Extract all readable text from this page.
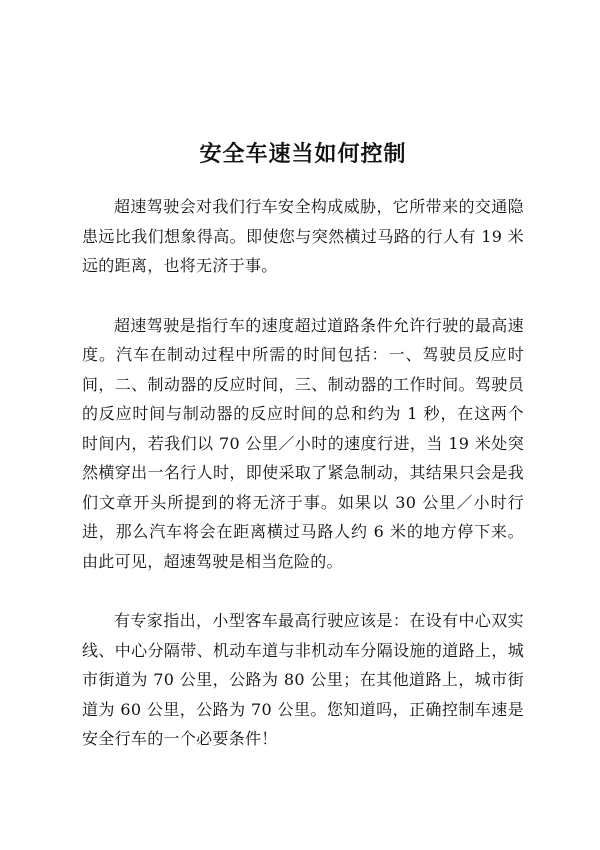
安全车速当如何控制

超速驾驶会对我们行车安全构成威胁，它所带来的交通隐患远比我们想象得高。即使您与突然横过马路的行人有 19 米远的距离，也将无济于事。

超速驾驶是指行车的速度超过道路条件允许行驶的最高速度。汽车在制动过程中所需的时间包括：一、驾驶员反应时间，二、制动器的反应时间，三、制动器的工作时间。驾驶员的反应时间与制动器的反应时间的总和约为 1 秒，在这两个时间内，若我们以 70 公里／小时的速度行进，当 19 米处突然横穿出一名行人时，即使采取了紧急制动，其结果只会是我们文章开头所提到的将无济于事。如果以 30 公里／小时行进，那么汽车将会在距离横过马路人约 6 米的地方停下来。由此可见，超速驾驶是相当危险的。

有专家指出，小型客车最高行驶应该是：在设有中心双实线、中心分隔带、机动车道与非机动车分隔设施的道路上，城市街道为 70 公里，公路为 80 公里；在其他道路上，城市街道为 60 公里，公路为 70 公里。您知道吗，正确控制车速是安全行车的一个必要条件！
